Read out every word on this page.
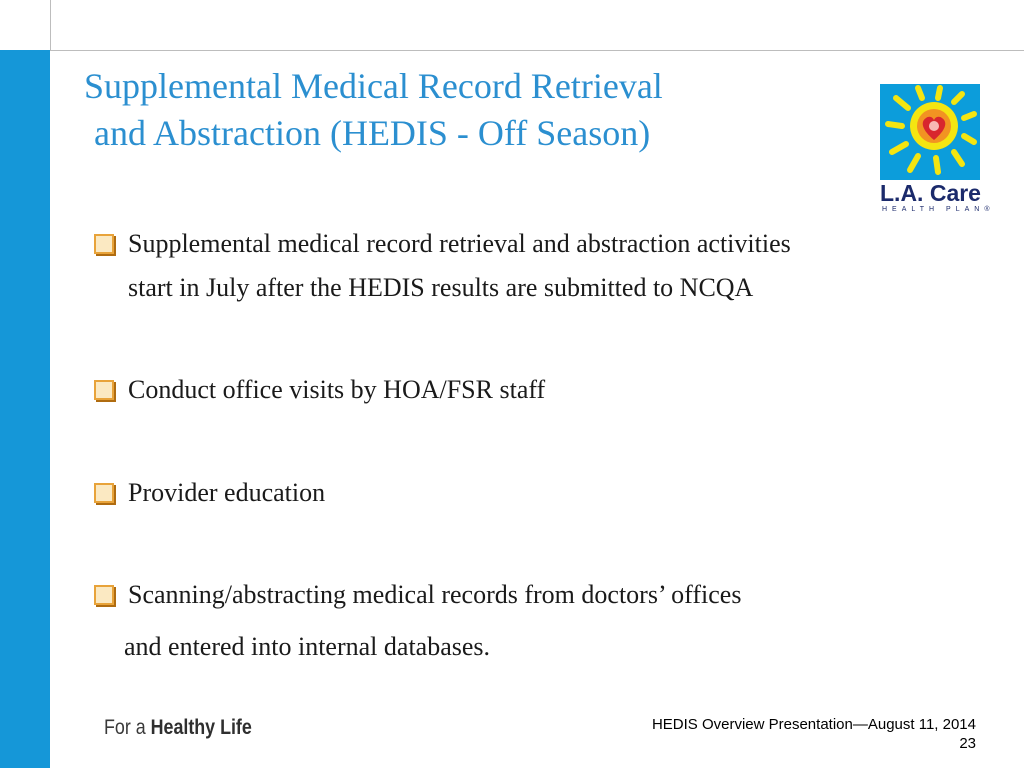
Supplemental Medical Record Retrieval
and Abstraction (HEDIS - Off Season)
L.A. Care
HEALTH PLAN®
Supplemental medical record retrieval and abstraction activities
start in July after the HEDIS results are submitted to NCQA
Conduct office visits by HOA/FSR staff
Provider education
Scanning/abstracting medical records from doctors’ offices
and entered into internal databases.
For a Healthy Life	HEDIS Overview Presentation—August 11, 2014
23
